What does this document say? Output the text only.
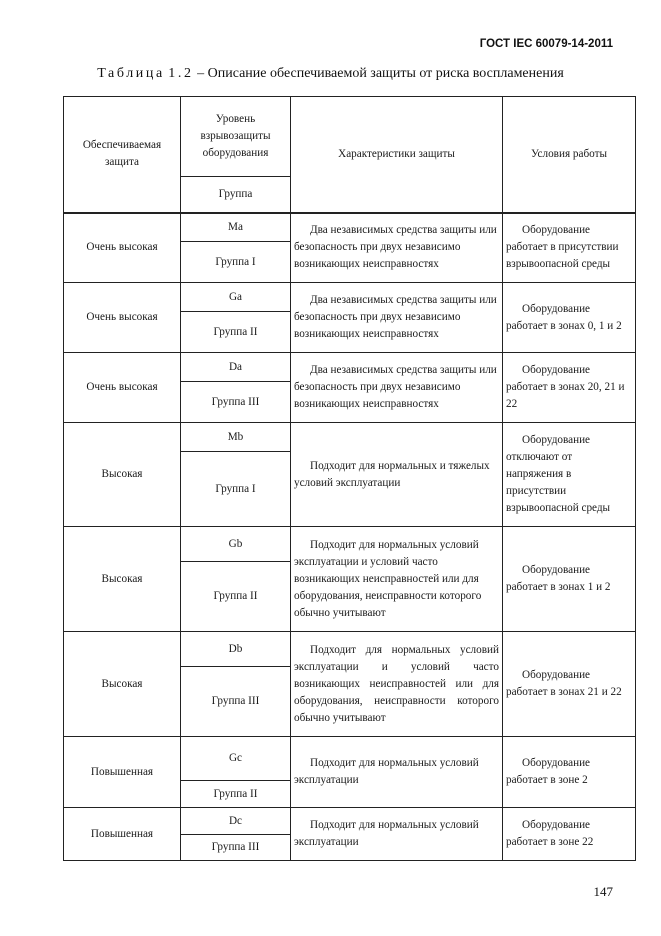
ГОСТ IEC 60079-14-2011
Таблица 1.2 – Описание обеспечиваемой защиты от риска воспламенения
Обеспечиваемая защита	Уровень взрывозащиты оборудования	Характеристики защиты	Условия работы
	Группа		
Очень высокая	Ma	Два независимых средства защиты или безопасность при двух независимо возникающих неисправностях	Оборудование работает в присутствии взрывоопасной среды
	Группа I		
Очень высокая	Ga	Два независимых средства защиты или безопасность при двух независимо возникающих неисправностях	Оборудование работает в зонах 0, 1 и 2
	Группа II		
Очень высокая	Da	Два независимых средства защиты или безопасность при двух независимо возникающих неисправностях	Оборудование работает в зонах 20, 21 и 22
	Группа III		
Высокая	Mb	Подходит для нормальных и тяжелых условий эксплуатации	Оборудование отключают от напряжения в присутствии взрывоопасной среды
	Группа I		
Высокая	Gb	Подходит для нормальных условий эксплуатации и условий часто возникающих неисправностей или для оборудования, неисправности которого обычно учитывают	Оборудование работает в зонах 1 и 2
	Группа II		
Высокая	Db	Подходит для нормальных условий эксплуатации и условий часто возникающих неисправностей или для оборудования, неисправности которого обычно учитывают	Оборудование работает в зонах 21 и 22
	Группа III		
Повышенная	Gc	Подходит для нормальных условий эксплуатации	Оборудование работает в зоне 2
	Группа II		
Повышенная	Dc	Подходит для нормальных условий эксплуатации	Оборудование работает в зоне 22
	Группа III		
147
